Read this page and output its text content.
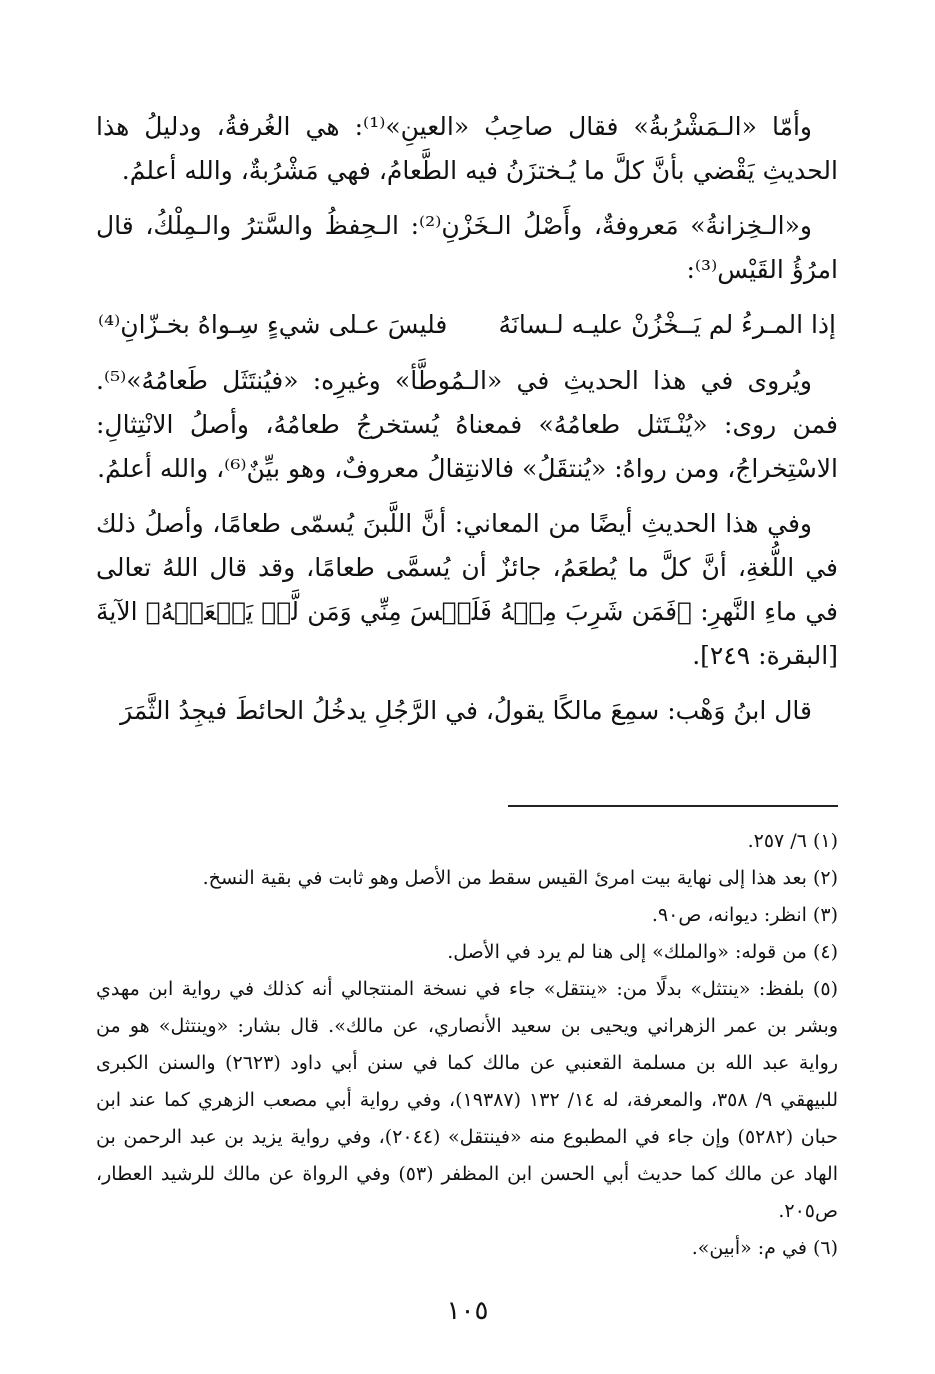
وأمّا «الـمَشْرُبةُ» فقال صاحِبُ «العينِ»⁽¹⁾: هي الغُرفةُ، ودليلُ هذا الحديثِ يَقْضي بأنَّ كلَّ ما يُـختزَنُ فيه الطَّعامُ، فهي مَشْرُبةٌ، والله أعلمُ.

و«الـخِزانةُ» مَعروفةٌ، وأَصْلُ الـخَزْنِ⁽²⁾: الـحِفظُ والسَّترُ والـمِلْكُ، قال امرُؤُ القَيْس⁽³⁾:

إذا المـرءُ لم يَــخْزُنْ عليـه لـسانَهُ
فليسَ عـلى شيءٍ سِـواهُ بخـزّانِ⁽⁴⁾

ويُروى في هذا الحديثِ في «الـمُوطَّأ» وغيرِه: «فيُنتَثَل طَعامُهُ»⁽⁵⁾. فمن روى: «يُنْـتَثل طعامُهُ» فمعناهُ يُستخرجُ طعامُهُ، وأصلُ الانْتِثالِ: الاسْتِخراجُ، ومن رواهُ: «يُنتقَلُ» فالانتِقالُ معروفٌ، وهو بيِّنٌ⁽⁶⁾، والله أعلمُ.

وفي هذا الحديثِ أيضًا من المعاني: أنَّ اللَّبنَ يُسمّى طعامًا، وأصلُ ذلك في اللُّغةِ، أنَّ كلَّ ما يُطعَمُ، جائزٌ أن يُسمَّى طعامًا، وقد قال اللهُ تعالى في ماءِ النَّهرِ: ﴿فَمَن شَرِبَ مِنۡهُ فَلَيۡسَ مِنِّي وَمَن لَّمۡ يَطۡعَمۡهُ﴾ الآيةَ [البقرة: ٢٤٩].

قال ابنُ وَهْب: سمِعَ مالكًا يقولُ، في الرَّجُلِ يدخُلُ الحائطَ فيجِدُ الثَّمَرَ

(١) ٦/ ٢٥٧.

(٢) بعد هذا إلى نهاية بيت امرئ القيس سقط من الأصل وهو ثابت في بقية النسخ.

(٣) انظر: ديوانه، ص٩٠.

(٤) من قوله: «والملك» إلى هنا لم يرد في الأصل.

(٥) بلفظ: «ينتثل» بدلًا من: «ينتقل» جاء في نسخة المنتجالي أنه كذلك في رواية ابن مهدي وبشر بن عمر الزهراني ويحيى بن سعيد الأنصاري، عن مالك». قال بشار: «وينتثل» هو من رواية عبد الله بن مسلمة القعنبي عن مالك كما في سنن أبي داود (٢٦٢٣) والسنن الكبرى للبيهقي ٩/ ٣٥٨، والمعرفة، له ١٤/ ١٣٢ (١٩٣٨٧)، وفي رواية أبي مصعب الزهري كما عند ابن حبان (٥٢٨٢) وإن جاء في المطبوع منه «فينتقل» (٢٠٤٤)، وفي رواية يزيد بن عبد الرحمن بن الهاد عن مالك كما حديث أبي الحسن ابن المظفر (٥٣) وفي الرواة عن مالك للرشيد العطار، ص٢٠٥.

(٦) في م: «أبين».

١٠٥
